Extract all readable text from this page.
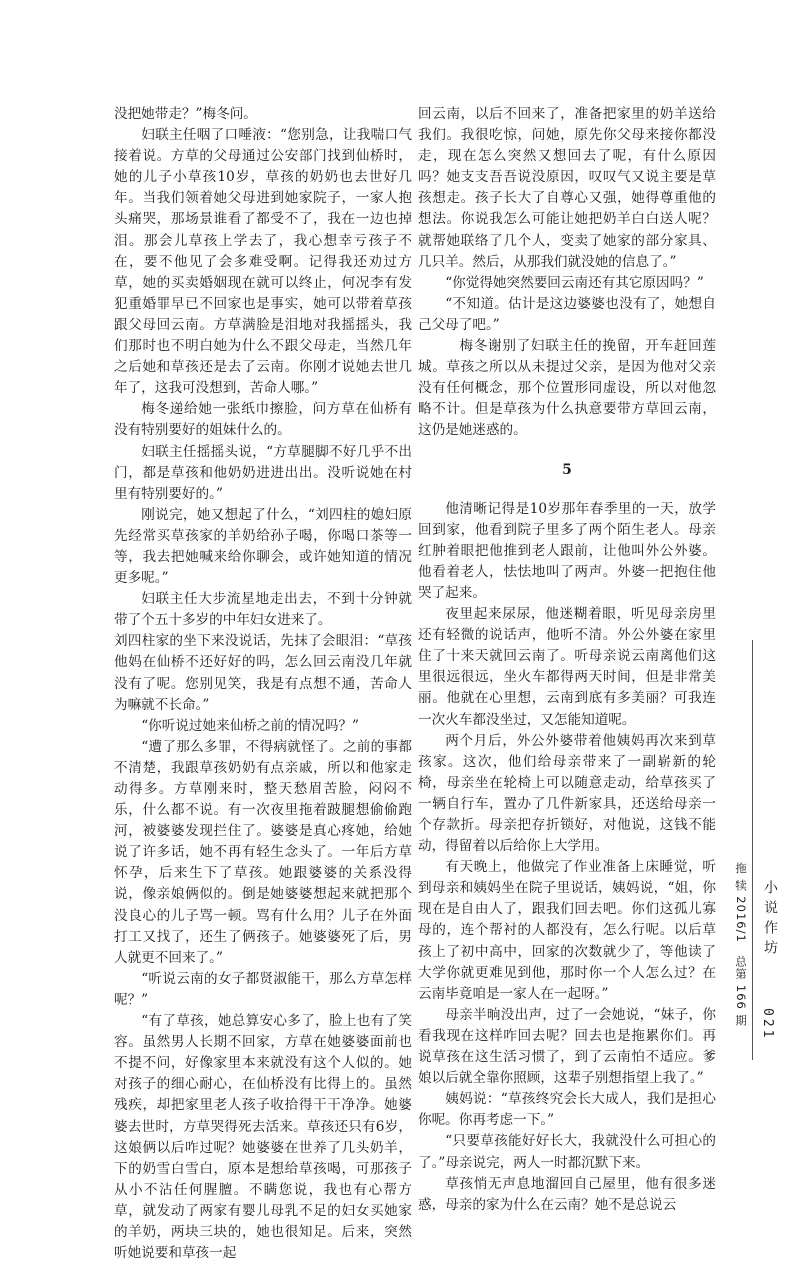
没把她带走？”梅冬问。

妇联主任咽了口唾液：“您别急，让我喘口气接着说。方草的父母通过公安部门找到仙桥时，她的儿子小草孩10岁，草孩的奶奶也去世好几年。当我们领着她父母进到她家院子，一家人抱头痛哭，那场景谁看了都受不了，我在一边也掉泪。那会儿草孩上学去了，我心想幸亏孩子不在，要不他见了会多难受啊。记得我还劝过方草，她的买卖婚姻现在就可以终止，何况李有发犯重婚罪早已不回家也是事实，她可以带着草孩跟父母回云南。方草满脸是泪地对我摇摇头，我们那时也不明白她为什么不跟父母走，当然几年之后她和草孩还是去了云南。你刚才说她去世几年了，这我可没想到，苦命人哪。”

梅冬递给她一张纸巾擦脸，问方草在仙桥有没有特别要好的姐妹什么的。

妇联主任摇摇头说，“方草腿脚不好几乎不出门，都是草孩和他奶奶进进出出。没听说她在村里有特别要好的。”

刚说完，她又想起了什么，“刘四柱的媳妇原先经常买草孩家的羊奶给孙子喝，你喝口茶等一等，我去把她喊来给你聊会，或许她知道的情况更多呢。”

妇联主任大步流星地走出去，不到十分钟就带了个五十多岁的中年妇女进来了。

刘四柱家的坐下来没说话，先抹了会眼泪：“草孩他妈在仙桥不还好好的吗，怎么回云南没几年就没有了呢。您别见笑，我是有点想不通，苦命人为嘛就不长命。”

“你听说过她来仙桥之前的情况吗？”

“遭了那么多罪，不得病就怪了。之前的事都不清楚，我跟草孩奶奶有点亲戚，所以和他家走动得多。方草刚来时，整天愁眉苦脸，闷闷不乐，什么都不说。有一次夜里拖着跛腿想偷偷跑河，被婆婆发现拦住了。婆婆是真心疼她，给她说了许多话，她不再有轻生念头了。一年后方草怀孕，后来生下了草孩。她跟婆婆的关系没得说，像亲娘俩似的。倒是她婆婆想起来就把那个没良心的儿子骂一顿。骂有什么用？儿子在外面打工又找了，还生了俩孩子。她婆婆死了后，男人就更不回来了。”

“听说云南的女子都贤淑能干，那么方草怎样呢？”

“有了草孩，她总算安心多了，脸上也有了笑容。虽然男人长期不回家，方草在她婆婆面前也不提不问，好像家里本来就没有这个人似的。她对孩子的细心耐心，在仙桥没有比得上的。虽然残疾，却把家里老人孩子收拾得干干净净。她婆婆去世时，方草哭得死去活来。草孩还只有6岁，这娘俩以后咋过呢？她婆婆在世养了几头奶羊，下的奶雪白雪白，原本是想给草孩喝，可那孩子从小不沾任何腥膻。不瞒您说，我也有心帮方草，就发动了两家有婴儿母乳不足的妇女买她家的羊奶，两块三块的，她也很知足。后来，突然听她说要和草孩一起

回云南，以后不回来了，准备把家里的奶羊送给我们。我很吃惊，问她，原先你父母来接你都没走，现在怎么突然又想回去了呢，有什么原因吗？她支支吾吾说没原因，叹叹气又说主要是草孩想走。孩子长大了自尊心又强，她得尊重他的想法。你说我怎么可能让她把奶羊白白送人呢？就帮她联络了几个人，变卖了她家的部分家具、几只羊。然后，从那我们就没她的信息了。”

“你觉得她突然要回云南还有其它原因吗？”

“不知道。估计是这边婆婆也没有了，她想自己父母了吧。”

　梅冬谢别了妇联主任的挽留，开车赶回莲城。草孩之所以从未提过父亲，是因为他对父亲没有任何概念，那个位置形同虚设，所以对他忽略不计。但是草孩为什么执意要带方草回云南，这仍是她迷惑的。

5

他清晰记得是10岁那年春季里的一天，放学回到家，他看到院子里多了两个陌生老人。母亲红肿着眼把他推到老人跟前，让他叫外公外婆。他看着老人，怯怯地叫了两声。外婆一把抱住他哭了起来。

夜里起来尿尿，他迷糊着眼，听见母亲房里还有轻微的说话声，他听不清。外公外婆在家里住了十来天就回云南了。听母亲说云南离他们这里很远很远，坐火车都得两天时间，但是非常美丽。他就在心里想，云南到底有多美丽？可我连一次火车都没坐过，又怎能知道呢。

两个月后，外公外婆带着他姨妈再次来到草孩家。这次，他们给母亲带来了一副崭新的轮椅，母亲坐在轮椅上可以随意走动，给草孩买了一辆自行车，置办了几件新家具，还送给母亲一个存款折。母亲把存折锁好，对他说，这钱不能动，得留着以后给你上大学用。

有天晚上，他做完了作业准备上床睡觉，听到母亲和姨妈坐在院子里说话，姨妈说，“姐，你现在是自由人了，跟我们回去吧。你们这孤儿寡母的，连个帮衬的人都没有，怎么行呢。以后草孩上了初中高中，回家的次数就少了，等他读了大学你就更难见到他，那时你一个人怎么过？在云南毕竟咱是一家人在一起呀。”

母亲半晌没出声，过了一会她说，“妹子，你看我现在这样咋回去呢？回去也是拖累你们。再说草孩在这生活习惯了，到了云南怕不适应。爹娘以后就全靠你照顾，这辈子别想指望上我了。”

姨妈说：“草孩终究会长大成人，我们是担心你呢。你再考虑一下。”

“只要草孩能好好长大，我就没什么可担心的了。”母亲说完，两人一时都沉默下来。

草孩悄无声息地溜回自己屋里，他有很多迷惑，母亲的家为什么在云南？她不是总说云

拖 犊 2016/1　总第 166 期 小说作坊
021
